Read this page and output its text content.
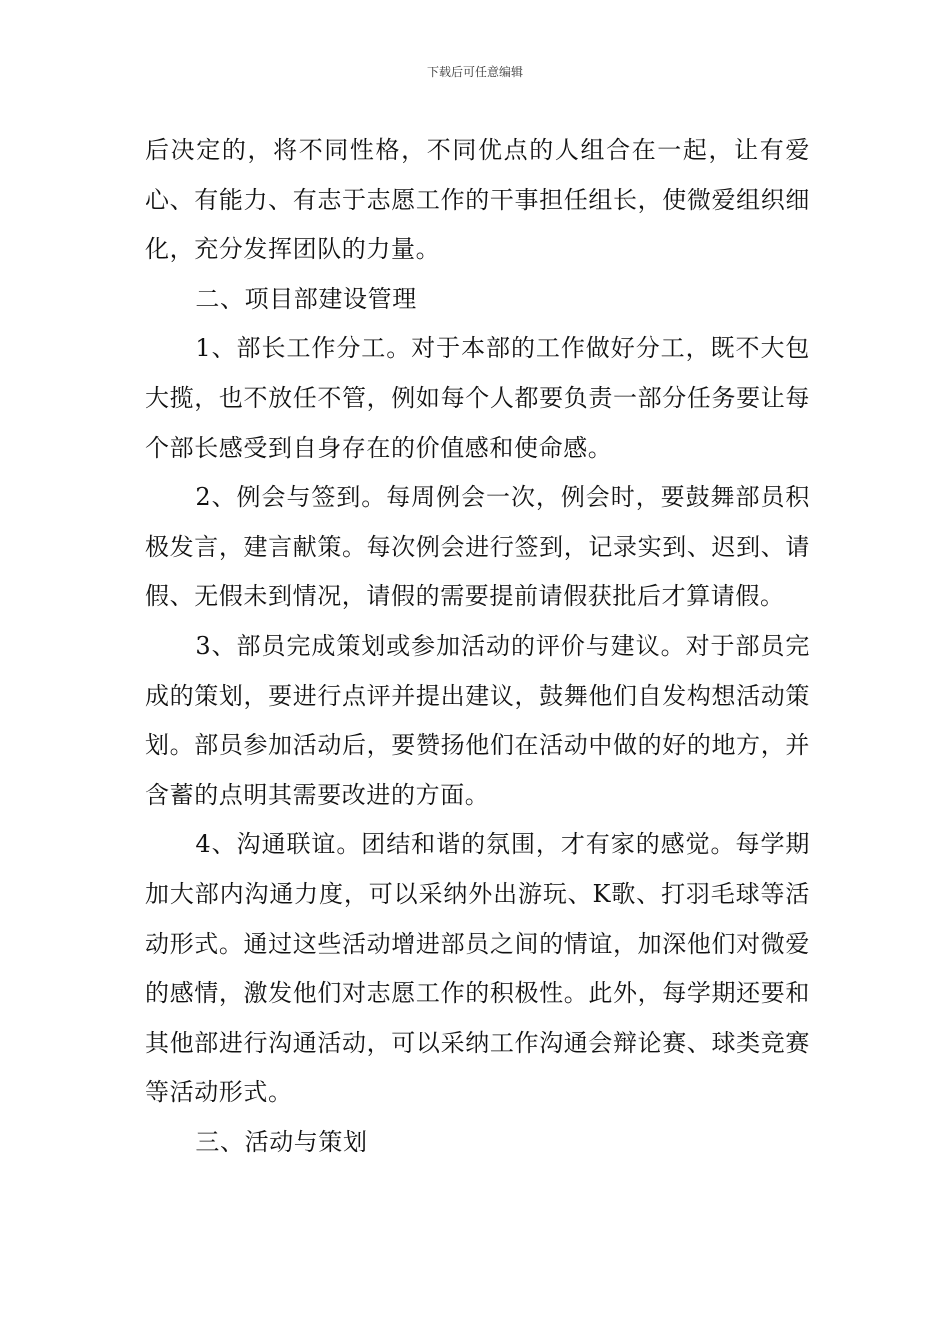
下载后可任意编辑

后决定的，将不同性格，不同优点的人组合在一起，让有爱心、有能力、有志于志愿工作的干事担任组长，使微爱组织细化，充分发挥团队的力量。

二、项目部建设管理

1、部长工作分工。对于本部的工作做好分工，既不大包大揽，也不放任不管，例如每个人都要负责一部分任务要让每个部长感受到自身存在的价值感和使命感。

2、例会与签到。每周例会一次，例会时，要鼓舞部员积极发言，建言献策。每次例会进行签到，记录实到、迟到、请假、无假未到情况，请假的需要提前请假获批后才算请假。

3、部员完成策划或参加活动的评价与建议。对于部员完成的策划，要进行点评并提出建议，鼓舞他们自发构想活动策划。部员参加活动后，要赞扬他们在活动中做的好的地方，并含蓄的点明其需要改进的方面。

4、沟通联谊。团结和谐的氛围，才有家的感觉。每学期加大部内沟通力度，可以采纳外出游玩、K歌、打羽毛球等活动形式。通过这些活动增进部员之间的情谊，加深他们对微爱的感情，激发他们对志愿工作的积极性。此外，每学期还要和其他部进行沟通活动，可以采纳工作沟通会辩论赛、球类竞赛等活动形式。

三、活动与策划
